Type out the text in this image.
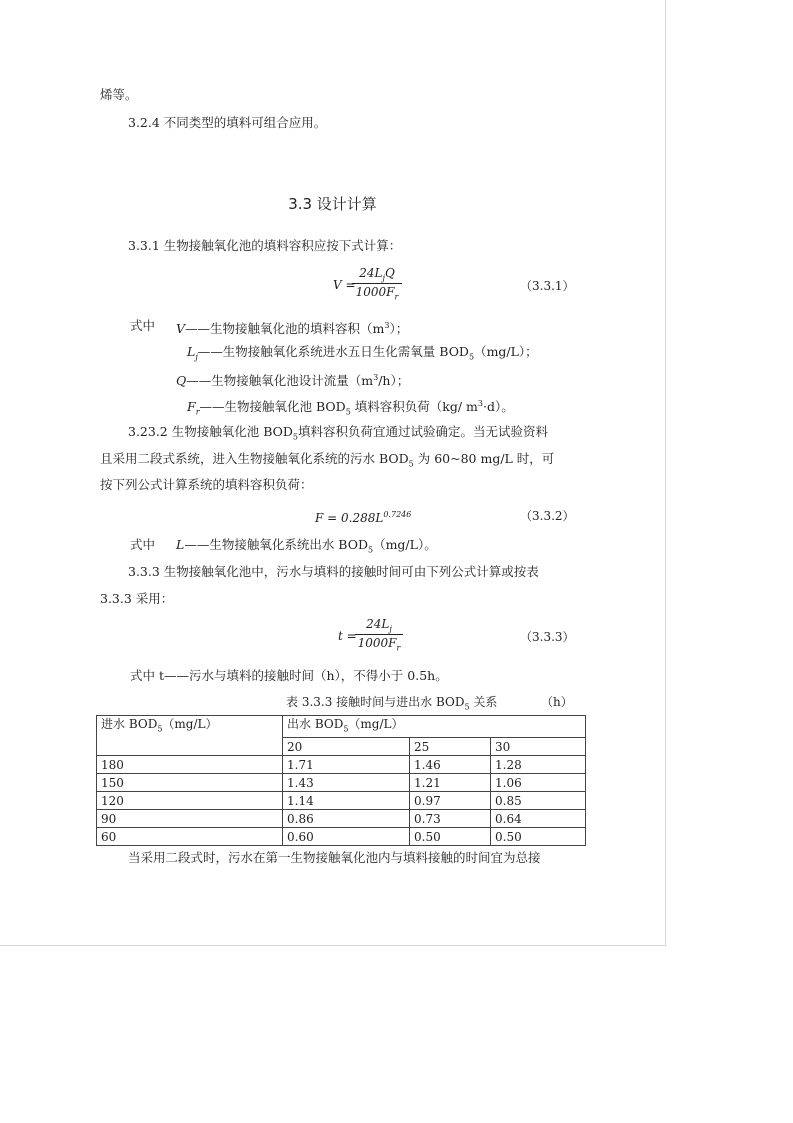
烯等。
3.2.4 不同类型的填料可组合应用。
3.3 设计计算
3.3.1 生物接触氧化池的填料容积应按下式计算：
V =
$24L_jQ$
$1000F_r$
（3.3.1）
式中 V——生物接触氧化池的填料容积$(m^3)$；
$L_j——$生物接触氧化系统进水五日生化需氧量 $BOD_5(mg/L)$；
Q——生物接触氧化池设计流量$(m^3/h)$；
$F_r——$生物接触氧化池 $BOD_5$ 填料容积负荷（kg/ $m^3\cdot d$）。
3.23.2 生物接触氧化池 $BOD_5$填料容积负荷宜通过试验确定。当无试验资料
且采用二段式系统，进入生物接触氧化系统的污水 $BOD_5$ 为 60~80 mg/L 时，可
按下列公式计算系统的填料容积负荷：
$F = 0.288L^{0.7246}$	（3.3.2）
式中 L——生物接触氧化系统出水 $BOD_5(mg/L)$。
3.3.3 生物接触氧化池中，污水与填料的接触时间可由下列公式计算或按表
3.3.3 采用：
t =
$\frac{24L_j}{1000F_r}$	（3.3.3）
式中 t——污水与填料的接触时间（h），不得小于 0.5h。
表 3.3.3 接触时间与进出水 $BOD_5$ 关系	（h）
进水 $BOD_5(mg/L)$	出水 $BOD_5(mg/L)$		
	20	25	30
180	1.71	1.46	1.28
150	1.43	1.21	1.06
120	1.14	0.97	0.85
90	0.86	0.73	0.64
60	0.60	0.50	0.50
当采用二段式时，污水在第一生物接触氧化池内与填料接触的时间宜为总接
